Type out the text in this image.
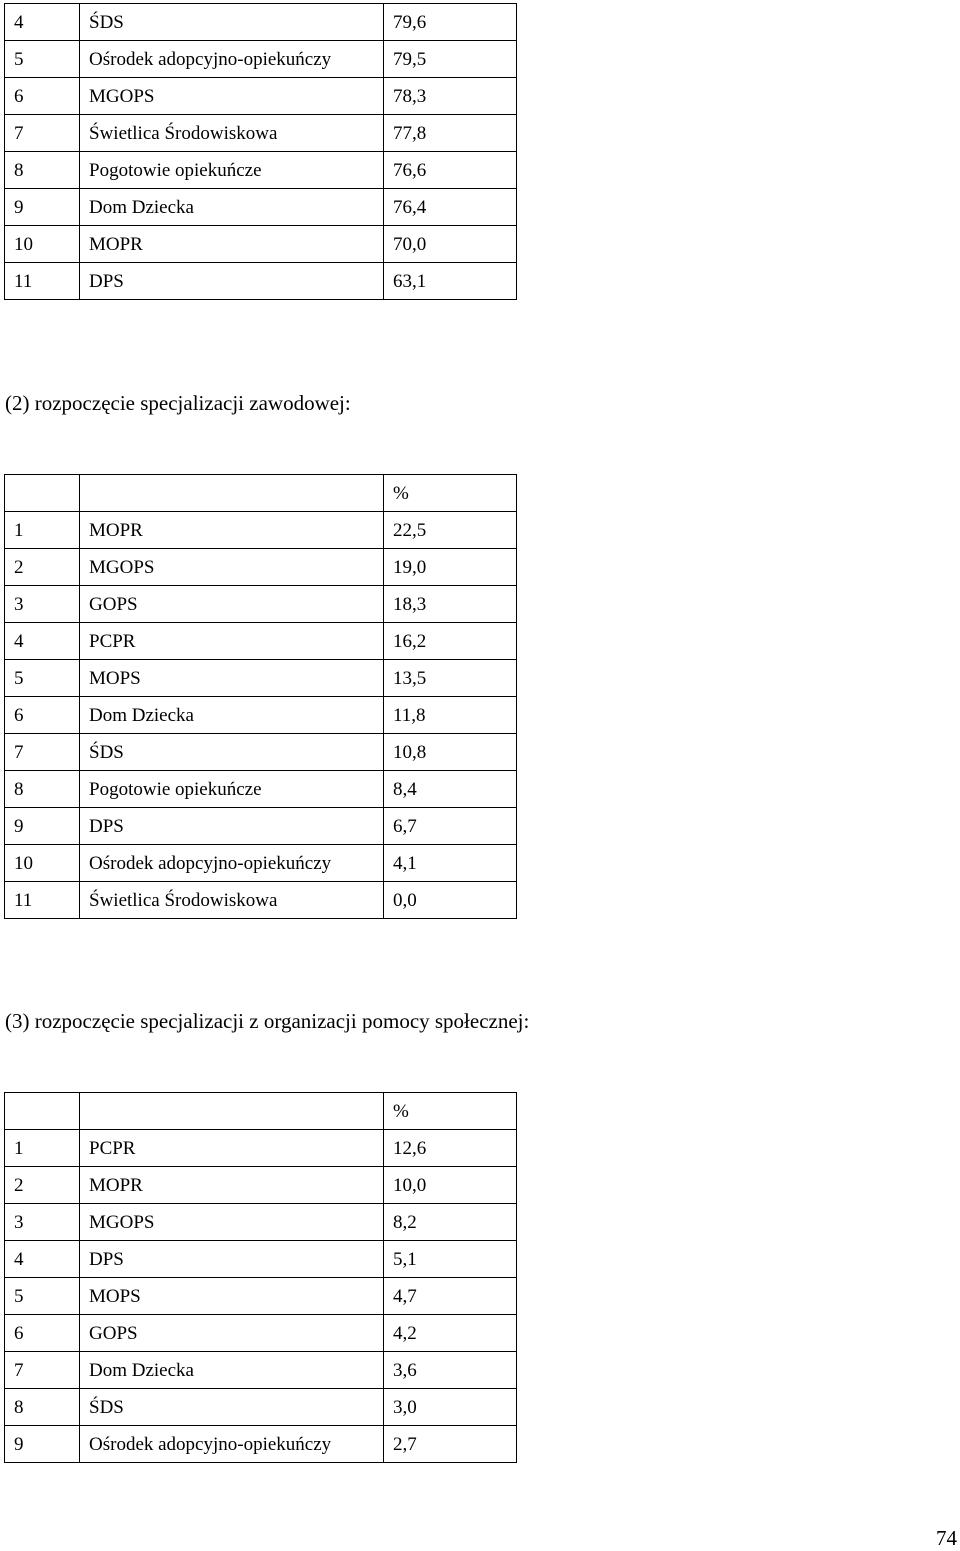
4	ŚDS	79,6
5	Ośrodek adopcyjno-opiekuńczy	79,5
6	MGOPS	78,3
7	Świetlica Środowiskowa	77,8
8	Pogotowie opiekuńcze	76,6
9	Dom Dziecka	76,4
10	MOPR	70,0
11	DPS	63,1
(2) rozpoczęcie specjalizacji zawodowej:
		%
1	MOPR	22,5
2	MGOPS	19,0
3	GOPS	18,3
4	PCPR	16,2
5	MOPS	13,5
6	Dom Dziecka	11,8
7	ŚDS	10,8
8	Pogotowie opiekuńcze	8,4
9	DPS	6,7
10	Ośrodek adopcyjno-opiekuńczy	4,1
11	Świetlica Środowiskowa	0,0
(3) rozpoczęcie specjalizacji z organizacji pomocy społecznej:
		%
1	PCPR	12,6
2	MOPR	10,0
3	MGOPS	8,2
4	DPS	5,1
5	MOPS	4,7
6	GOPS	4,2
7	Dom Dziecka	3,6
8	ŚDS	3,0
9	Ośrodek adopcyjno-opiekuńczy	2,7
74
